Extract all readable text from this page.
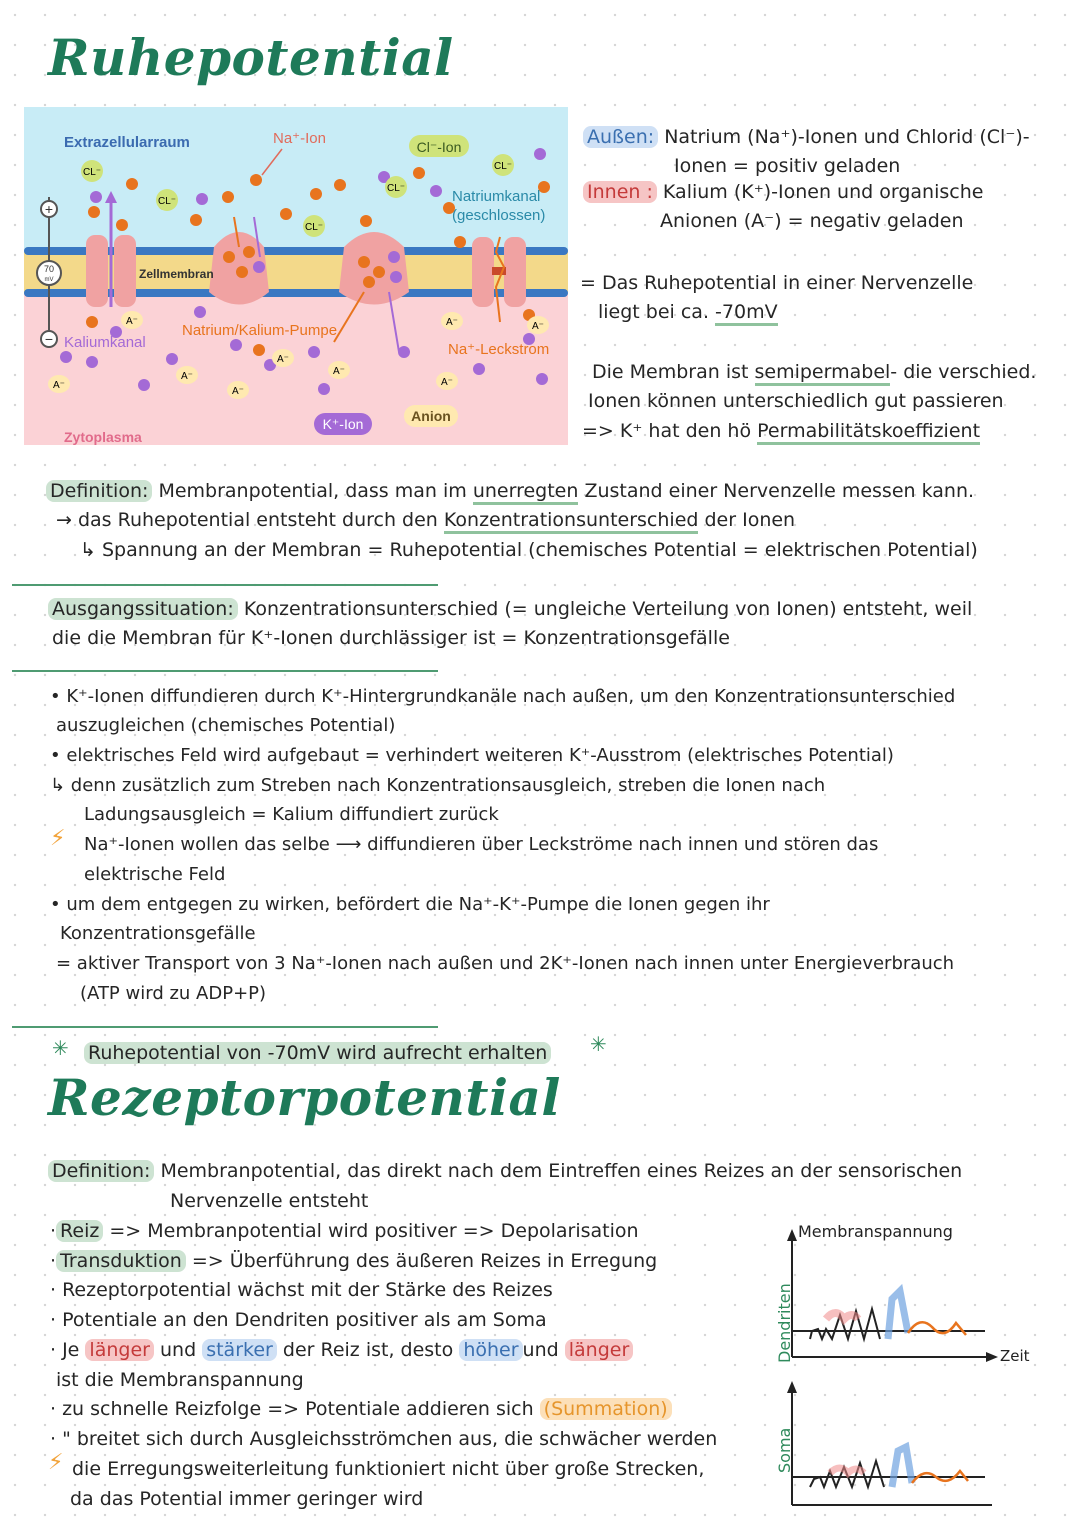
Ruhepotential
Rezeptorpotential
+
70
mV
−
CL⁻
CL⁻
CL⁻
CL⁻
CL⁻
A⁻
A⁻
A⁻
A⁻
A⁻
A⁻
A⁻
A⁻
A⁻
Extrazellularraum	Na⁺-Ion	Cl⁻-Ion
Natriumkanal
(geschlossen)
Zellmembran
Kaliumkanal
Natrium/Kalium-Pumpe
Na⁺-Leckstrom
K⁺-Ion	Anion
Zytoplasma
Außen: Natrium (Na⁺)-Ionen und Chlorid (Cl⁻)-
Ionen = positiv geladen
Innen : Kalium (K⁺)-Ionen und organische
Anionen (A⁻) = negativ geladen
= Das Ruhepotential in einer Nervenzelle
liegt bei ca. -70mV
Die Membran ist semipermabel- die verschied.
Ionen können unterschiedlich gut passieren
=> K⁺ hat den hö Permabilitätskoeffizient
Definition: Membranpotential, dass man im unerregten Zustand einer Nervenzelle messen kann.
→ das Ruhepotential entsteht durch den Konzentrationsunterschied der Ionen
↳ Spannung an der Membran = Ruhepotential (chemisches Potential = elektrischen Potential)
Ausgangssituation: Konzentrationsunterschied (= ungleiche Verteilung von Ionen) entsteht, weil
die die Membran für K⁺-Ionen durchlässiger ist = Konzentrationsgefälle
• K⁺-Ionen diffundieren durch K⁺-Hintergrundkanäle nach außen, um den Konzentrationsunterschied
auszugleichen (chemisches Potential)
• elektrisches Feld wird aufgebaut = verhindert weiteren K⁺-Ausstrom (elektrisches Potential)
↳ denn zusätzlich zum Streben nach Konzentrationsausgleich, streben die Ionen nach
Ladungsausgleich = Kalium diffundiert zurück
⚡ Na⁺-Ionen wollen das selbe ⟶ diffundieren über Leckströme nach innen und stören das
elektrische Feld
• um dem entgegen zu wirken, befördert die Na⁺-K⁺-Pumpe die Ionen gegen ihr
Konzentrationsgefälle
= aktiver Transport von 3 Na⁺-Ionen nach außen und 2K⁺-Ionen nach innen unter Energieverbrauch
(ATP wird zu ADP+P)
✳ Ruhepotential von -70mV wird aufrecht erhalten ✳
Definition: Membranpotential, das direkt nach dem Eintreffen eines Reizes an der sensorischen
Nervenzelle entsteht
· Reiz => Membranpotential wird positiver => Depolarisation
· Transduktion => Überführung des äußeren Reizes in Erregung
· Rezeptorpotential wächst mit der Stärke des Reizes
· Potentiale an den Dendriten positiver als am Soma
· Je länger und stärker der Reiz ist, desto höher und länger
ist die Membranspannung
· zu schnelle Reizfolge => Potentiale addieren sich (Summation)
· " breitet sich durch Ausgleichsströmchen aus, die schwächer werden
⚡ die Erregungsweiterleitung funktioniert nicht über große Strecken,
da das Potential immer geringer wird
Membranspannung
Zeit
Dendriten
Soma
